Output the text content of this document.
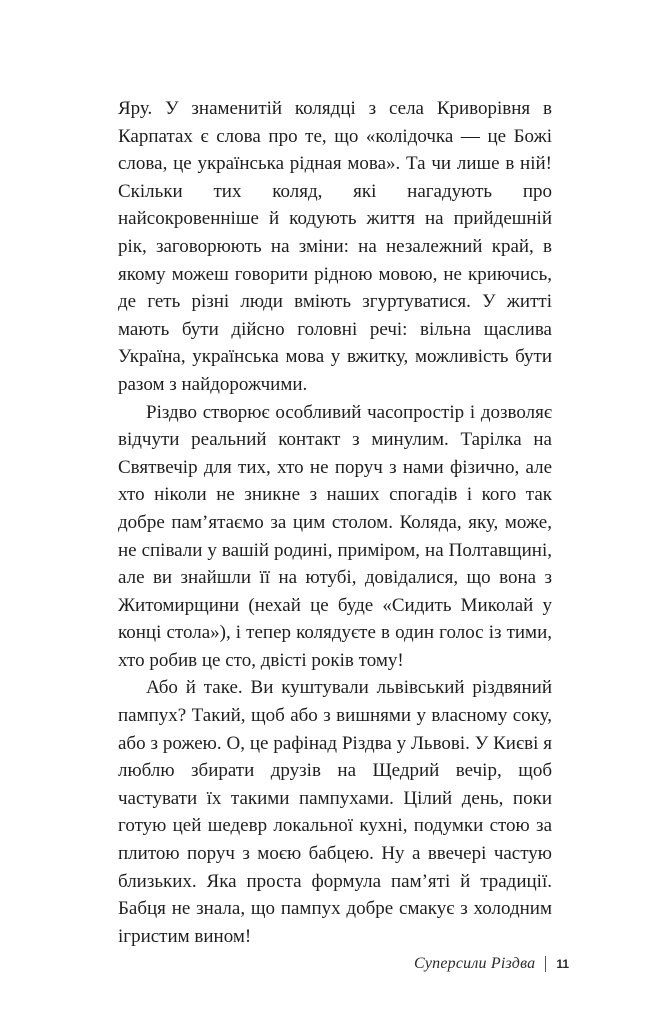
Яру. У знаменитій колядці з села Криворівня в Карпатах є слова про те, що «колідочка — це Божі слова, це українська рідная мова». Та чи лише в ній! Скільки тих коляд, які нагадують про найсокровенніше й кодують життя на прийдешній рік, заговорюють на зміни: на незалежний край, в якому можеш говорити рідною мовою, не криючись, де геть різні люди вміють згуртуватися. У житті мають бути дійсно головні речі: вільна щаслива Україна, українська мова у вжитку, можливість бути разом з найдорожчими.

Різдво створює особливий часопростір і дозволяє відчути реальний контакт з минулим. Тарілка на Святвечір для тих, хто не поруч з нами фізично, але хто ніколи не зникне з наших спогадів і кого так добре пам’ятаємо за цим столом. Коляда, яку, може, не співали у вашій родині, приміром, на Полтавщині, але ви знайшли її на ютубі, довідалися, що вона з Житомирщини (нехай це буде «Сидить Миколай у конці стола»), і тепер колядуєте в один голос із тими, хто робив це сто, двісті років тому!

Або й таке. Ви куштували львівський різдвяний пампух? Такий, щоб або з вишнями у власному соку, або з рожею. О, це рафінад Різдва у Львові. У Києві я люблю збирати друзів на Щедрий вечір, щоб частувати їх такими пампухами. Цілий день, поки готую цей шедевр локальної кухні, подумки стою за плитою поруч з моєю бабцею. Ну а ввечері частую близьких. Яка проста формула пам’яті й традиції. Бабця не знала, що пампух добре смакує з холодним ігристим вином!

Суперсили Різдва 11
